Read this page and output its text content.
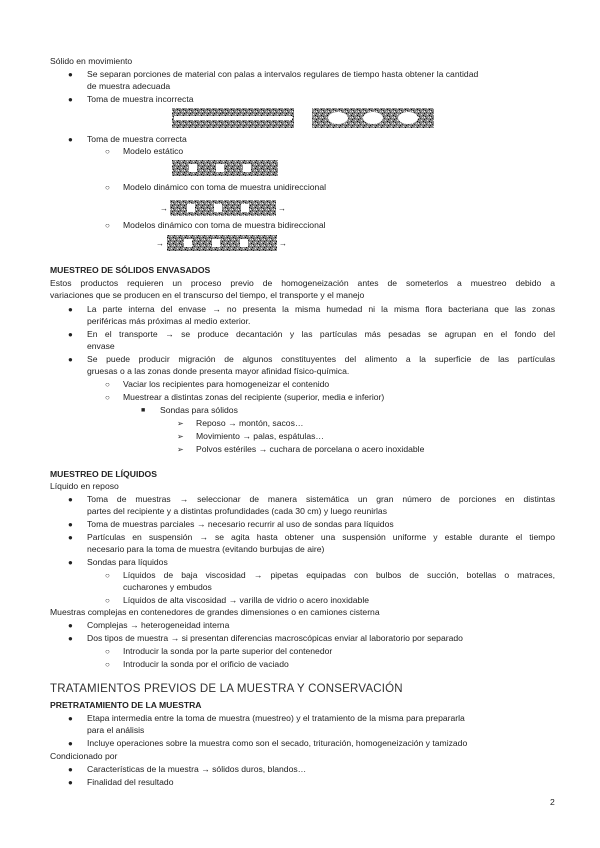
Sólido en movimiento
● Se separan porciones de material con palas a intervalos regulares de tiempo hasta obtener la cantidad
de muestra adecuada
● Toma de muestra incorrecta
x
● Toma de muestra correcta
○ Modelo estático
○ Modelo dinámico con toma de muestra unidireccional
→	→
○ Modelos dinámico con toma de muestra bidireccional
→	→
MUESTREO DE SÓLIDOS ENVASADOS
Estos productos requieren un proceso previo de homogeneización antes de someterlos a muestreo debido a
variaciones que se producen en el transcurso del tiempo, el transporte y el manejo
● La parte interna del envase → no presenta la misma humedad ni la misma flora bacteriana que las zonas
periféricas más próximas al medio exterior.
● En el transporte → se produce decantación y las partículas más pesadas se agrupan en el fondo del
envase
● Se puede producir migración de algunos constituyentes del alimento a la superficie de las partículas
gruesas o a las zonas donde presenta mayor afinidad físico-química.
○ Vaciar los recipientes para homogeneizar el contenido
○ Muestrear a distintas zonas del recipiente (superior, media e inferior)
■ Sondas para sólidos
➢ Reposo → montón, sacos…
➢ Movimiento → palas, espátulas…
➢ Polvos estériles → cuchara de porcelana o acero inoxidable
MUESTREO DE LÍQUIDOS
Líquido en reposo
● Toma de muestras → seleccionar de manera sistemática un gran número de porciones en distintas
partes del recipiente y a distintas profundidades (cada 30 cm) y luego reunirlas
● Toma de muestras parciales → necesario recurrir al uso de sondas para líquidos
● Partículas en suspensión → se agita hasta obtener una suspensión uniforme y estable durante el tiempo
necesario para la toma de muestra (evitando burbujas de aire)
● Sondas para líquidos
○ Líquidos de baja viscosidad → pipetas equipadas con bulbos de succión, botellas o matraces,
cucharones y embudos
○ Líquidos de alta viscosidad → varilla de vidrio o acero inoxidable
Muestras complejas en contenedores de grandes dimensiones o en camiones cisterna
● Complejas → heterogeneidad interna
● Dos tipos de muestra → si presentan diferencias macroscópicas enviar al laboratorio por separado
○ Introducir la sonda por la parte superior del contenedor
○ Introducir la sonda por el orificio de vaciado
TRATAMIENTOS PREVIOS DE LA MUESTRA Y CONSERVACIÓN
PRETRATAMIENTO DE LA MUESTRA
● Etapa intermedia entre la toma de muestra (muestreo) y el tratamiento de la misma para prepararla
para el análisis
● Incluye operaciones sobre la muestra como son el secado, trituración, homogeneización y tamizado
Condicionado por
● Características de la muestra → sólidos duros, blandos…
● Finalidad del resultado
2
